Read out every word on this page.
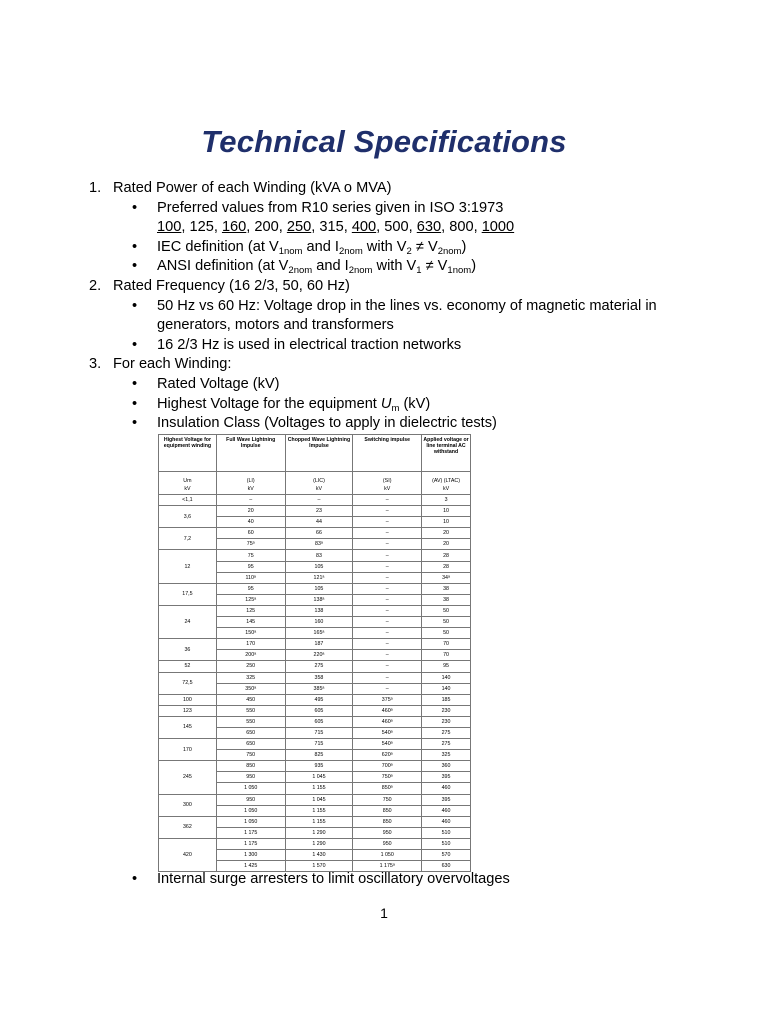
Technical Specifications
1. Rated Power of each Winding (kVA o MVA)
•	Preferred values from R10 series given in ISO 3:1973
100, 125, 160, 200, 250, 315, 400, 500, 630, 800, 1000
•	IEC definition (at $V_{1nom}$ and $I_{2nom}$ with $V_2 \ne V_{2nom}$)
•	ANSI definition (at $V_{2nom}$ and $I_{2nom}$ with $V_1 \ne V_{1nom}$)
2. Rated Frequency (16 2/3, 50, 60 Hz)
•	50 Hz vs 60 Hz: Voltage drop in the lines vs. economy of magnetic material in generators, motors and transformers
•	16 2/3 Hz is used in electrical traction networks
3. For each Winding:
•	Rated Voltage (kV)
•	Highest Voltage for the equipment $U_m$ (kV)
•	Insulation Class (Voltages to apply in dielectric tests)
Highest Voltage for equipment winding	Full Wave Lightning Impulse	Chopped Wave Lightning Impulse	Switching impulse	Applied voltage or line terminal AC withstand
Um	(LI)	(LIC)	(SI)	(AV) (LTAC)
kV	kV	kV	kV	kV
<1,1	–	–	–	3
3,6	20	23	–	10
	40	44	–	10
7,2	60	66	–	20
	75ᵃ	83ᵃ	–	20
12	75	83	–	28
	95	105	–	28
	110ᵃ	121ᵃ	–	34ᵃ
17,5	95	105	–	38
	125ᵃ	138ᵃ	–	38
24	125	138	–	50
	145	160	–	50
	150ᵃ	165ᵃ	–	50
36	170	187	–	70
	200ᵃ	220ᵃ	–	70
52	250	275	–	95
72,5	325	358	–	140
	350ᵃ	385ᵃ	–	140
100	450	495	375ᵃ	185
123	550	605	460ᵃ	230
145	550	605	460ᵃ	230
	650	715	540ᵃ	275
170	650	715	540ᵃ	275
	750	825	620ᵃ	325
245	850	935	700ᵃ	360
	950	1 045	750ᵃ	395
	1 050	1 155	850ᵃ	460
300	950	1 045	750	395
	1 050	1 155	850	460
362	1 050	1 155	850	460
	1 175	1 290	950	510
420	1 175	1 290	950	510
	1 300	1 430	1 050	570
	1 425	1 570	1 175ᵃ	630
•	Internal surge arresters to limit oscillatory overvoltages
1
